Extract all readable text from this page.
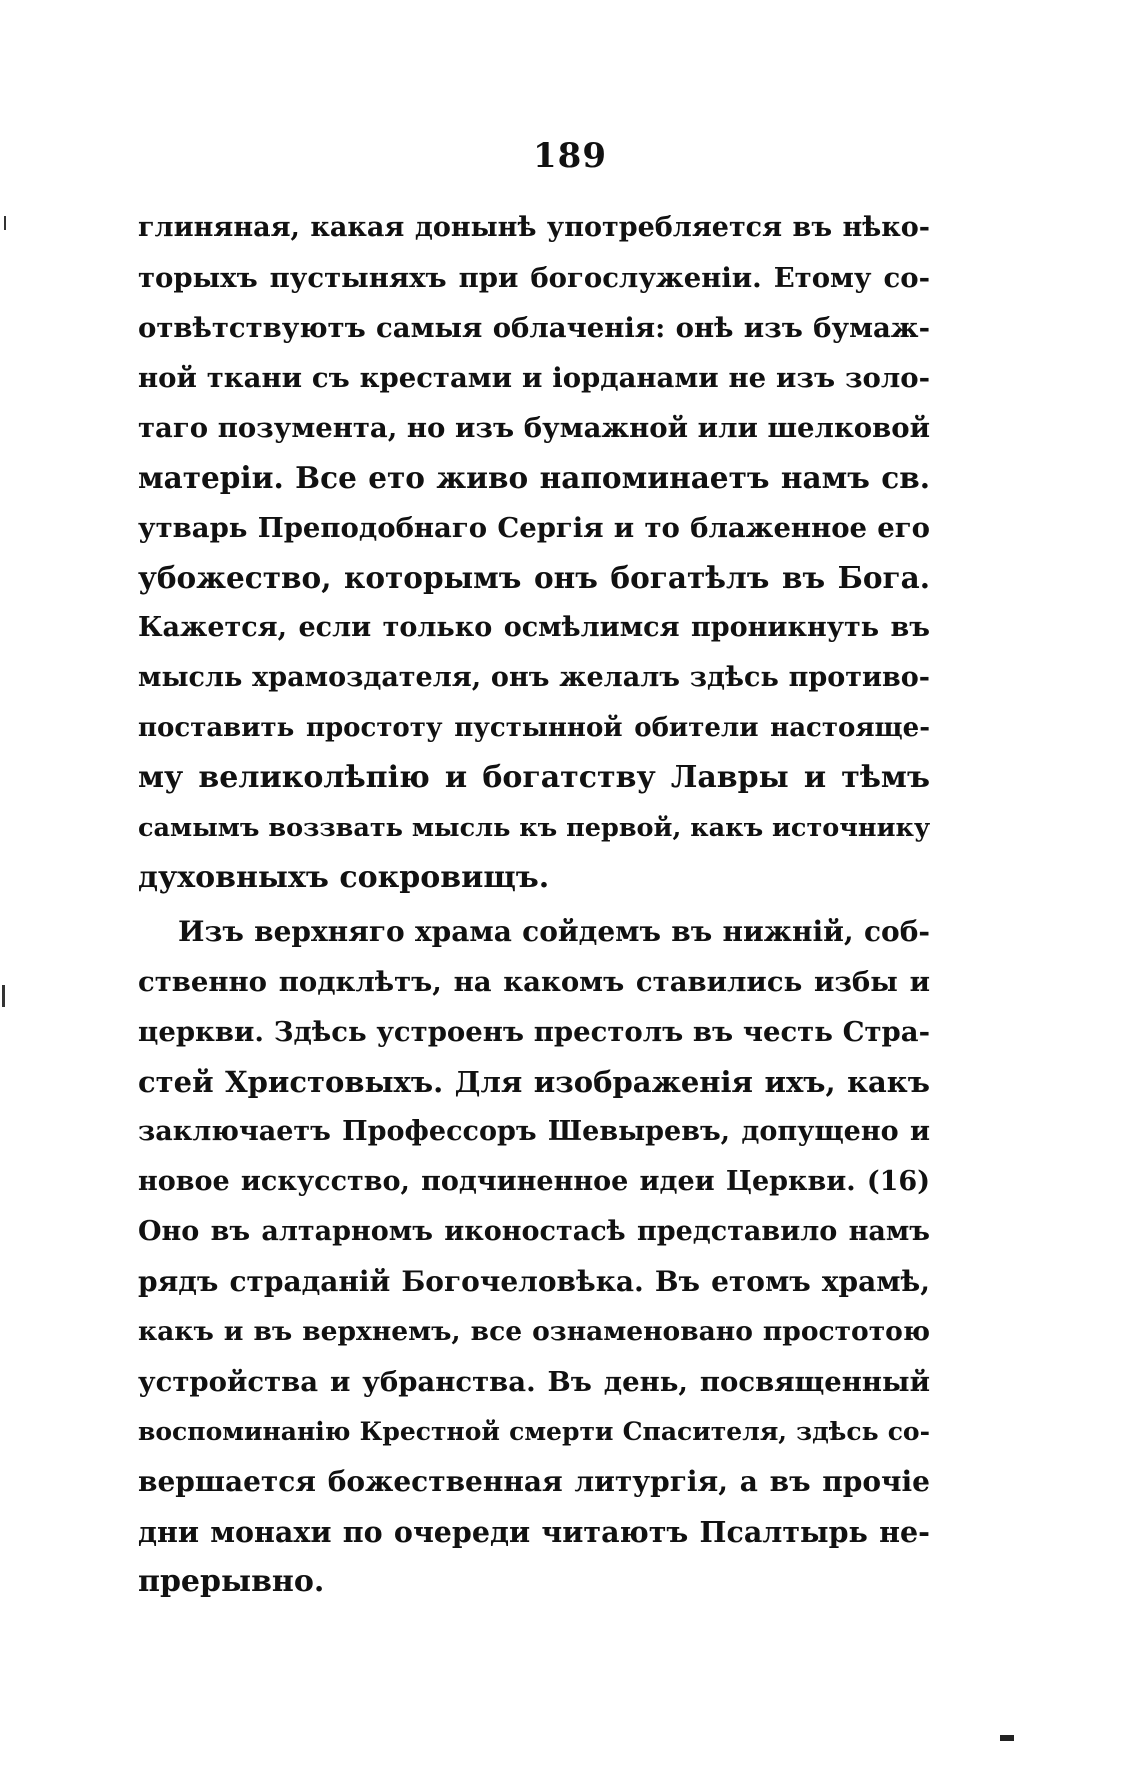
189
глиняная, какая донынѣ употребляется въ нѣко-
торыхъ пустыняхъ при богослуженіи. Етому со-
отвѣтствуютъ самыя облаченія: онѣ изъ бумаж-
ной ткани съ крестами и іорданами не изъ золо-
таго позумента, но изъ бумажной или шелковой
матеріи. Все ето живо напоминаетъ намъ св.
утварь Преподобнаго Сергія и то блаженное его
убожество, которымъ онъ богатѣлъ въ Бога.
Кажется, если только осмѣлимся проникнуть въ
мысль храмоздателя, онъ желалъ здѣсь противо-
поставить простоту пустынной обители настояще-
му великолѣпію и богатству Лавры и тѣмъ
самымъ воззвать мысль къ первой, какъ источнику
духовныхъ сокровищъ.
Изъ верхняго храма сойдемъ въ нижній, соб-
ственно подклѣтъ, на какомъ ставились избы и
церкви. Здѣсь устроенъ престолъ въ честь Стра-
стей Христовыхъ. Для изображенія ихъ, какъ
заключаетъ Профессоръ Шевыревъ, допущено и
новое искусство, подчиненное идеи Церкви. (16)
Оно въ алтарномъ иконостасѣ представило намъ
рядъ страданій Богочеловѣка. Въ етомъ храмѣ,
какъ и въ верхнемъ, все ознаменовано простотою
устройства и убранства. Въ день, посвященный
воспоминанію Крестной смерти Спасителя, здѣсь со-
вершается божественная литургія, а въ прочіе
дни монахи по очереди читаютъ Псалтырь не-
прерывно.
